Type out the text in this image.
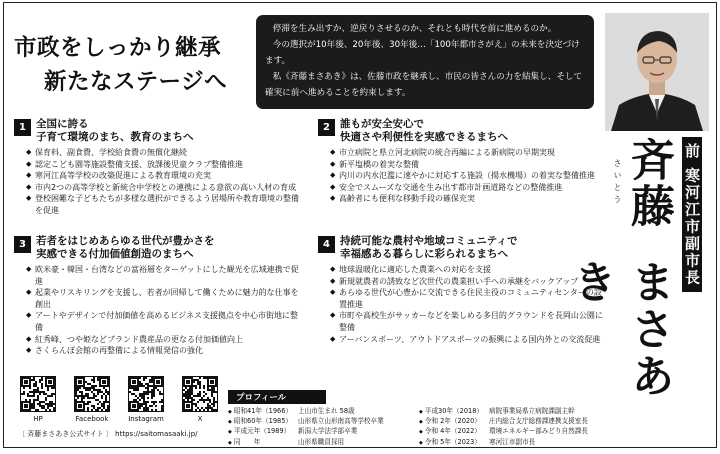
市政をしっかり継承
新たなステージへ

停滞を生み出すか、逆戻りさせるのか、それとも時代を前に進めるのか。

今の選択が10年後、20年後、30年後…「100年都市さがえ」の未来を決定づけます。

私《斉藤まさあき》は、佐藤市政を継承し、市民の皆さんの力を結集し、そして確実に前へ進めることを約束します。

前 寒河江市副市長
さいとう 斉藤
まさあき
1 全国に誇る
子育て環境のまち、教育のまちへ
◆ 保育料、副食費、学校給食費の無償化継続
◆ 認定こども園等施設整備支援、放課後児童クラブ整備推進
◆ 寒河江高等学校の改築促進による教育環境の充実
◆ 市内2つの高等学校と新統合中学校との連携による意欲の高い人材の育成
◆ 登校困難な子どもたちが多様な選択ができるよう居場所や教育環境の整備を促進
2 誰もが安全安心で
快適さや利便性を実感できるまちへ
◆ 市立病院と県立河北病院の統合再編による新病院の早期実現
◆ 新平塩橋の着実な整備
◆ 内川の内水氾濫に速やかに対応する施設（揚水機場）の着実な整備推進
◆ 安全でスムーズな交通を生み出す都市計画道路などの整備推進
◆ 高齢者にも便利な移動手段の確保充実
3 若者をはじめあらゆる世代が豊かさを
実感できる付加価値創造のまちへ
◆ 欧米豪・韓国・台湾などの富裕層をターゲットにした観光を広域連携で促進
◆ 起業やリスキリングを支援し、若者が回帰して働くために魅力的な仕事を創出
◆ アートやデザインで付加価値を高めるビジネス支援拠点を中心市街地に整備
◆ 紅秀峰、つや姫などブランド農産品の更なる付加価値向上
◆ さくらんぼ会館の再整備による情報発信の強化
4 持続可能な農村や地域コミュニティで
幸福感ある暮らしに彩られるまちへ
◆ 地球温暖化に適応した農業への対応を支援
◆ 新規就農者の誘致など次世代の農業担い手への承継をバックアップ
◆ あらゆる世代が心豊かに交流できる住民主役のコミュニティセンターの設置推進
◆ 市町や高校生がサッカーなどを楽しめる多目的グラウンドを長岡山公園に整備
◆ アーバンスポーツ、アウトドアスポーツの振興による国内外との交流促進
HP	Facebook	Instagram	X
〔 斉藤まさあき公式サイト 〕 https://saitomasaaki.jp/
プロフィール
◆ 昭和41年（1966） 上山市生まれ 58歳
◆ 昭和60年（1985） 山形県立山形南高等学校卒業
◆ 平成元年（1989）	新潟大学法学部卒業
◆ 同　　年	山形県職員採用
◆ 平成30年（2018） 病院事業局県立病院課副主幹
◆ 令和 2年（2020）	庄内総合支庁総務課連携支援室長
◆ 令和 4年（2022）	環境エネルギー部みどり自然課長
◆ 令和 5年（2023）	寒河江市副市長
